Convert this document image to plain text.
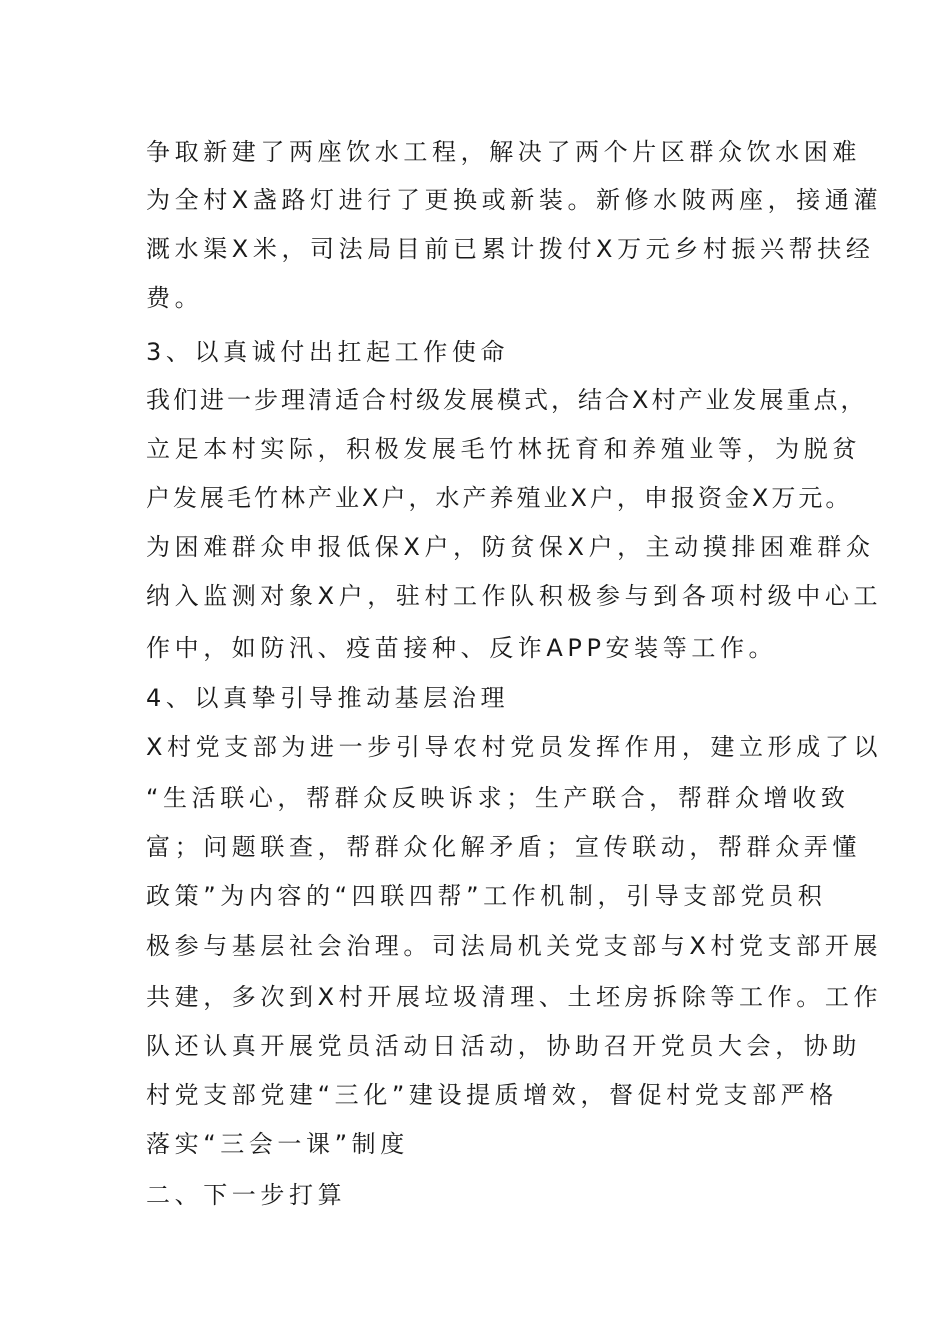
争取新建了两座饮水工程，解决了两个片区群众饮水困难
为全村X盏路灯进行了更换或新装。新修水陂两座，接通灌
溉水渠X米，司法局目前已累计拨付X万元乡村振兴帮扶经
费。
3、以真诚付出扛起工作使命
我们进一步理清适合村级发展模式，结合X村产业发展重点，
立足本村实际，积极发展毛竹林抚育和养殖业等，为脱贫
户发展毛竹林产业X户，水产养殖业X户，申报资金X万元。
为困难群众申报低保X户，防贫保X户，主动摸排困难群众
纳入监测对象X户，驻村工作队积极参与到各项村级中心工
作中，如防汛、疫苗接种、反诈APP安装等工作。
4、以真挚引导推动基层治理
X村党支部为进一步引导农村党员发挥作用，建立形成了以
“生活联心，帮群众反映诉求；生产联合，帮群众增收致
富；问题联查，帮群众化解矛盾；宣传联动，帮群众弄懂
政策”为内容的“四联四帮”工作机制，引导支部党员积
极参与基层社会治理。司法局机关党支部与X村党支部开展
共建，多次到X村开展垃圾清理、土坯房拆除等工作。工作
队还认真开展党员活动日活动，协助召开党员大会，协助
村党支部党建“三化”建设提质增效，督促村党支部严格
落实“三会一课”制度
二、下一步打算
